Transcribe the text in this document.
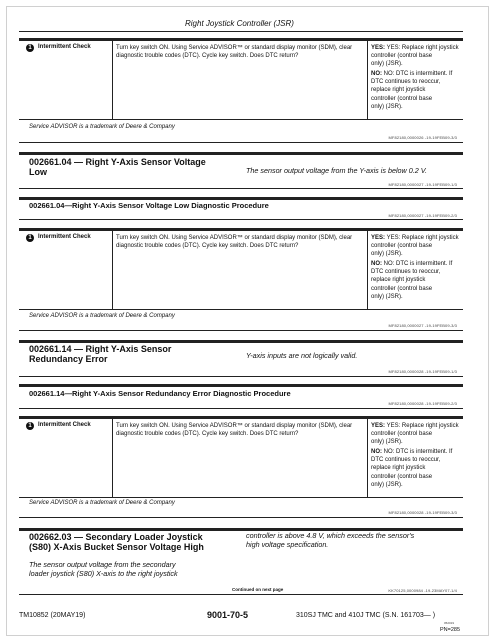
Right Joystick Controller (JSR)
1	Intermittent Check	Turn key switch ON. Using Service ADVISOR™ or standard display monitor (SDM), clear diagnostic trouble codes (DTC). Cycle key switch. Does DTC return?
YES: YES: Replace right joystick
controller (control base
only) (JSR).
NO: NO: DTC is intermittent. If
DTC continues to reoccur,
replace right joystick
controller (control base
only) (JSR).
Service ADVISOR is a trademark of Deere & Company
MF82180,0000026 -19-19FEB09-3/3
002661.04 — Right Y-Axis Sensor Voltage
Low	The sensor output voltage from the Y-axis is below 0.2 V.
MF82180,0000027 -19-19FEB09-1/3
002661.04—Right Y-Axis Sensor Voltage Low Diagnostic Procedure
MF82180,0000027 -19-19FEB09-2/3
1	Intermittent Check	Turn key switch ON. Using Service ADVISOR™ or standard display monitor (SDM), clear diagnostic trouble codes (DTC). Cycle key switch. Does DTC return?
YES: YES: Replace right joystick
controller (control base
only) (JSR).
NO: NO: DTC is intermittent. If
DTC continues to reoccur,
replace right joystick
controller (control base
only) (JSR).
Service ADVISOR is a trademark of Deere & Company
MF82180,0000027 -19-19FEB09-3/3
002661.14 — Right Y-Axis Sensor
Redundancy Error	Y-axis inputs are not logically valid.
MF82180,0000028 -19-19FEB09-1/3
002661.14—Right Y-Axis Sensor Redundancy Error Diagnostic Procedure
MF82180,0000028 -19-19FEB09-2/3
1	Intermittent Check	Turn key switch ON. Using Service ADVISOR™ or standard display monitor (SDM), clear diagnostic trouble codes (DTC). Cycle key switch. Does DTC return?
YES: YES: Replace right joystick
controller (control base
only) (JSR).
NO: NO: DTC is intermittent. If
DTC continues to reoccur,
replace right joystick
controller (control base
only) (JSR).
Service ADVISOR is a trademark of Deere & Company
MF82180,0000028 -19-19FEB09-3/3
002662.03 — Secondary Loader Joystick
(S80) X-Axis Bucket Sensor Voltage High
controller is above 4.8 V, which exceeds the sensor's
high voltage specification.
The sensor output voltage from the secondary
loader joystick (S80) X-axis to the right joystick
Continued on next page	KK70125,0000984 -19-23MAY07-1/4
TM10852 (20MAY19)	9001-70-5	310SJ TMC and 410J TMC (S.N. 161703— )
052019
PN=285
